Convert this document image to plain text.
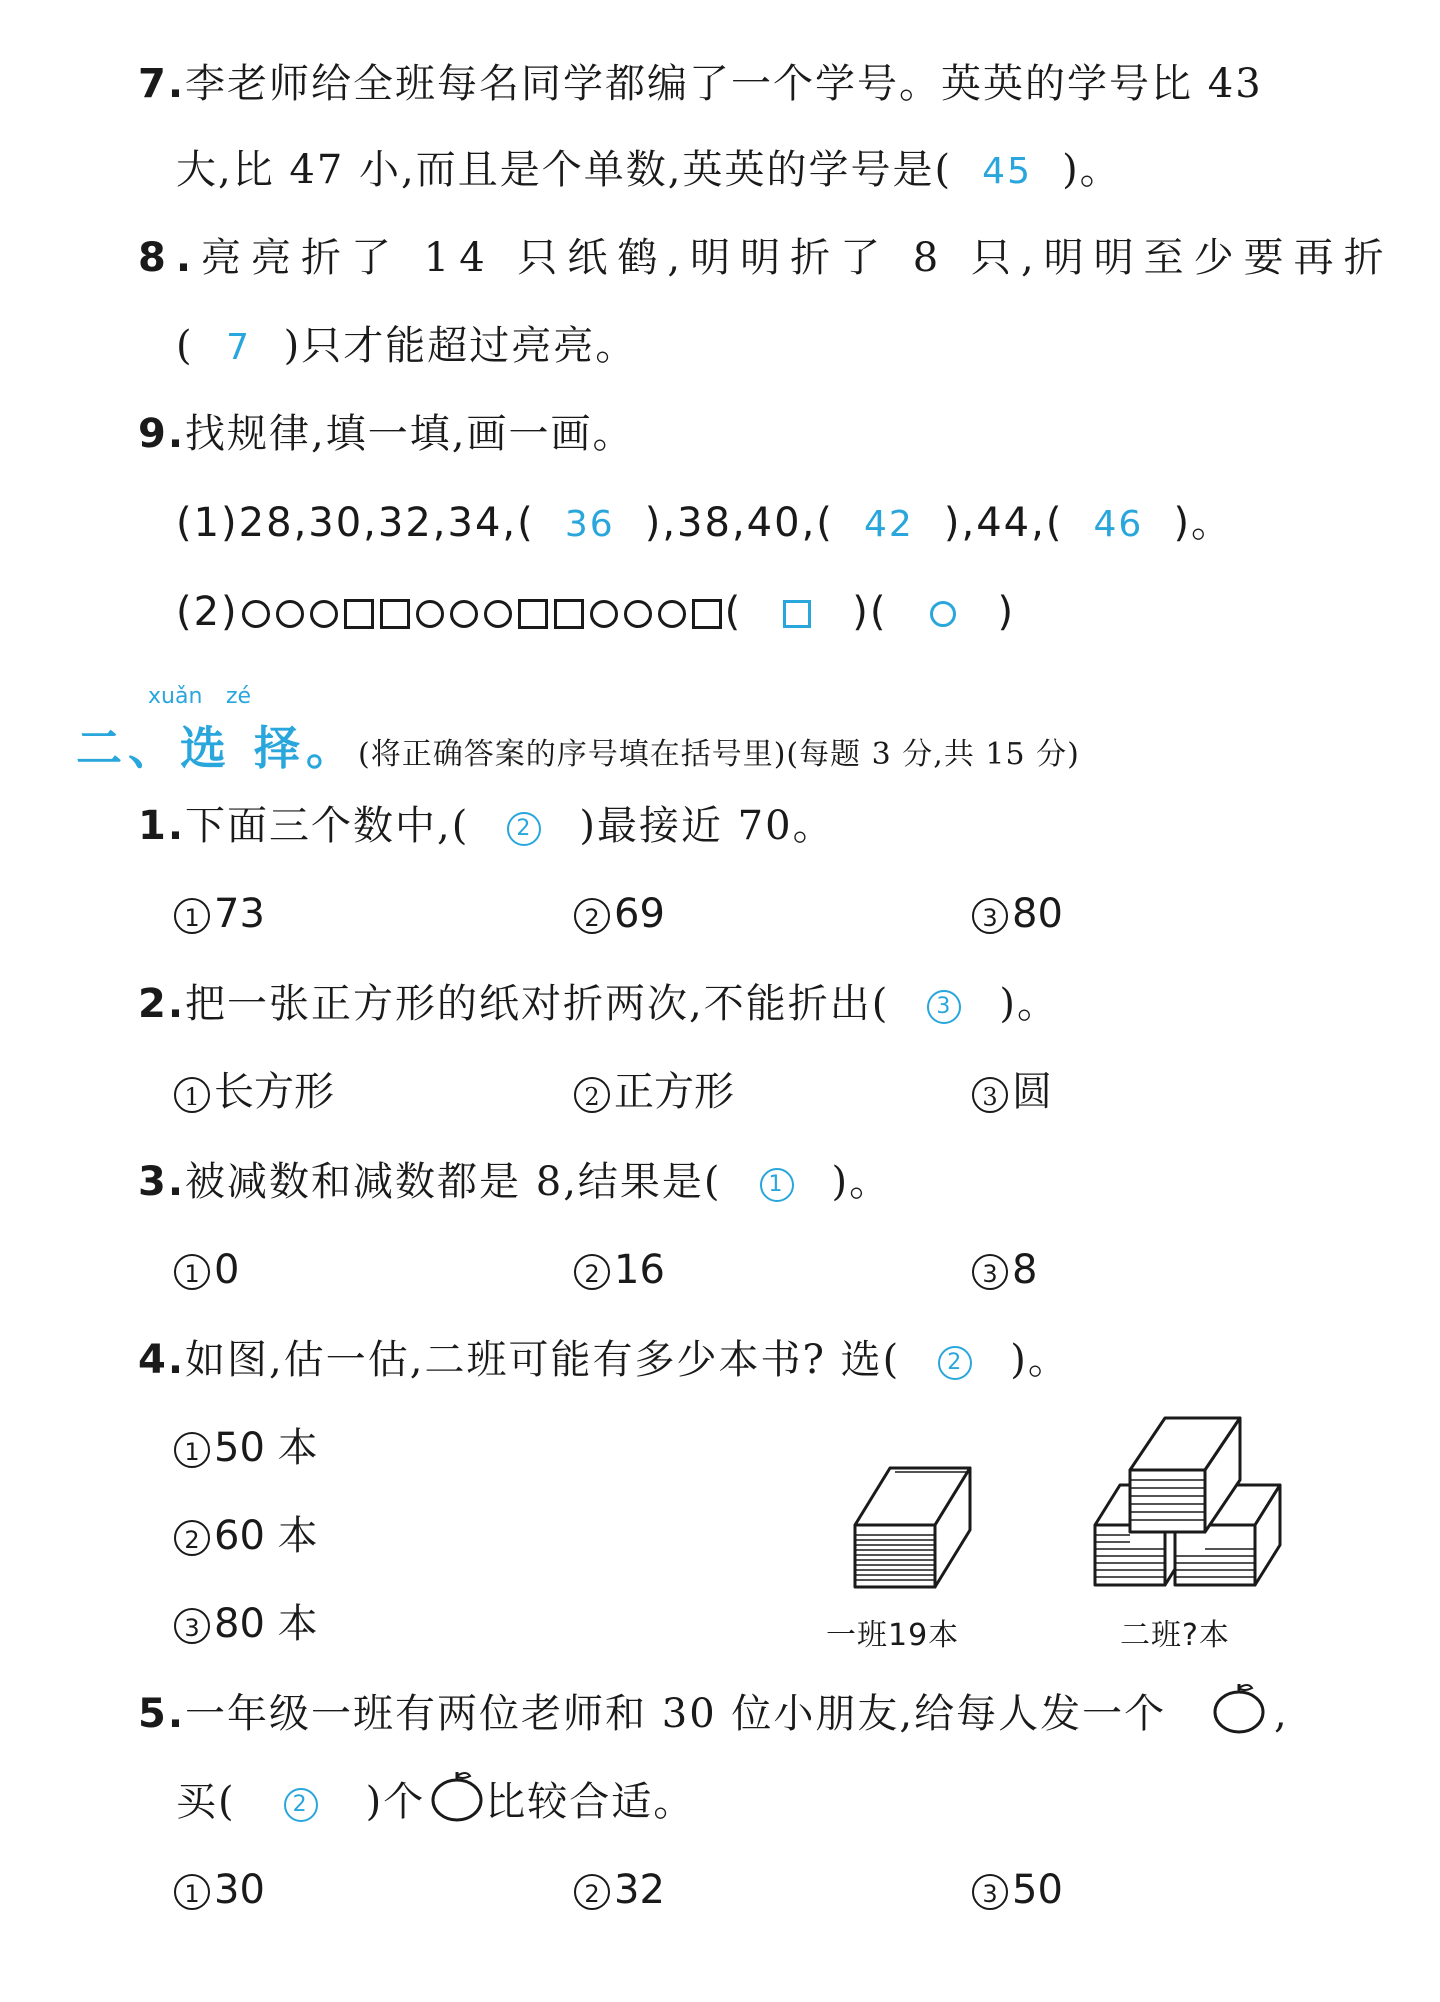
7.李老师给全班每名同学都编了一个学号。英英的学号比 43
大,比 47 小,而且是个单数,英英的学号是( 45 )。
8.亮亮折了 14 只纸鹤,明明折了 8 只,明明至少要再折
( 7 )只才能超过亮亮。
9.找规律,填一填,画一画。
(1)28,30,32,34,( 36 ),38,40,( 42 ),44,( 46 )。
(2)	(	)(	)
xuǎn zé
二、选 择。(将正确答案的序号填在括号里)(每题 3 分,共 15 分)
1.下面三个数中,( 2 )最接近 70。
1 73	2 69	3 80
2.把一张正方形的纸对折两次,不能折出( 3 )。
1 长方形	2 正方形	3 圆
3.被减数和减数都是 8,结果是( 1 )。
1 0	2 16	3 8
4.如图,估一估,二班可能有多少本书? 选( 2 )。
1 50 本
2 60 本
3 80 本	一班19本	二班?本
5.一年级一班有两位老师和 30 位小朋友,给每人发一个	,
买(	2 )个 比较合适。
1 30	2 32	3 50
